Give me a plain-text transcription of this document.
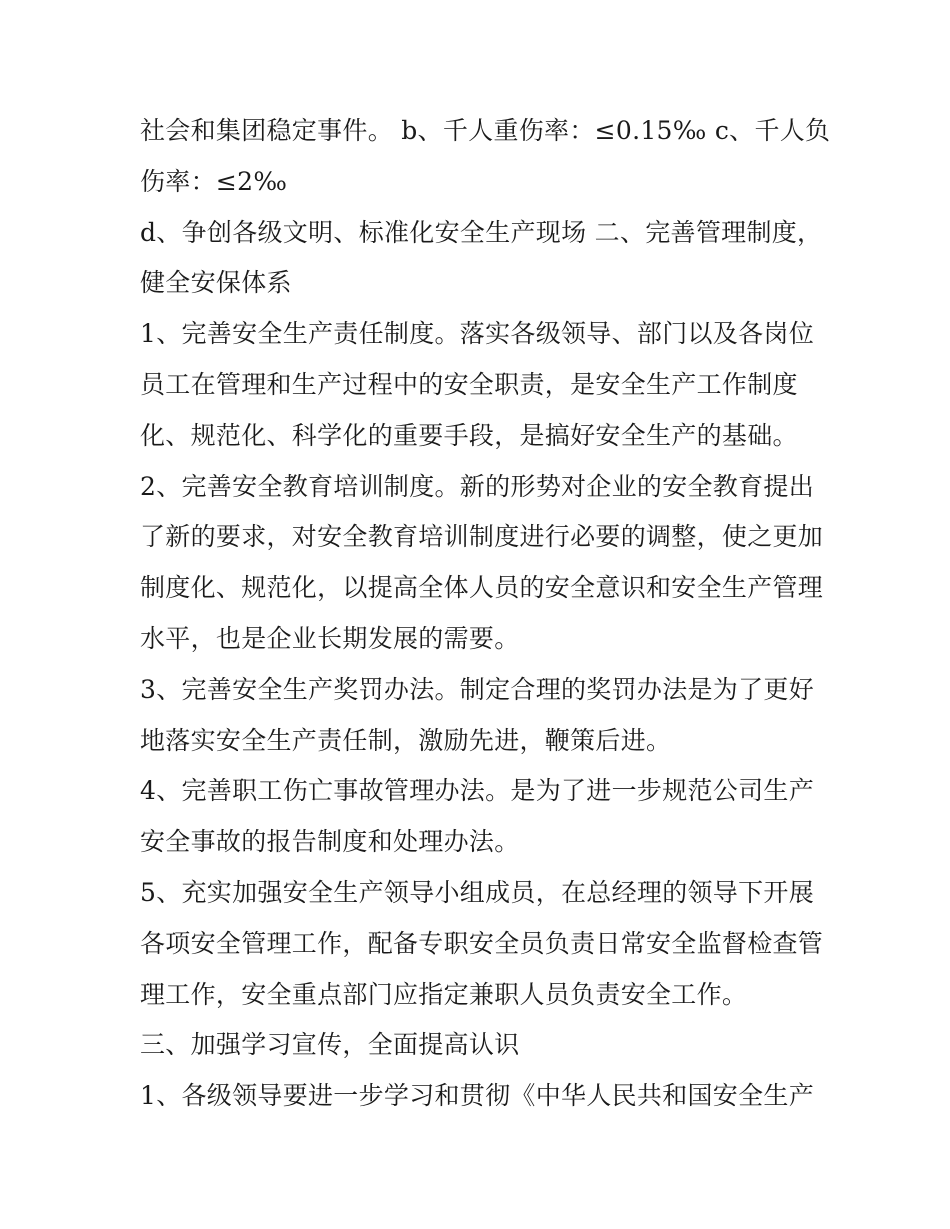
社会和集团稳定事件。 b、千人重伤率：≤0.15‰ c、千人负
伤率：≤2‰
d、争创各级文明、标准化安全生产现场 二、完善管理制度，
健全安保体系
1、完善安全生产责任制度。落实各级领导、部门以及各岗位
员工在管理和生产过程中的安全职责，是安全生产工作制度
化、规范化、科学化的重要手段，是搞好安全生产的基础。
2、完善安全教育培训制度。新的形势对企业的安全教育提出
了新的要求，对安全教育培训制度进行必要的调整，使之更加
制度化、规范化，以提高全体人员的安全意识和安全生产管理
水平，也是企业长期发展的需要。
3、完善安全生产奖罚办法。制定合理的奖罚办法是为了更好
地落实安全生产责任制，激励先进，鞭策后进。
4、完善职工伤亡事故管理办法。是为了进一步规范公司生产
安全事故的报告制度和处理办法。
5、充实加强安全生产领导小组成员，在总经理的领导下开展
各项安全管理工作，配备专职安全员负责日常安全监督检查管
理工作，安全重点部门应指定兼职人员负责安全工作。
三、加强学习宣传，全面提高认识
1、各级领导要进一步学习和贯彻《中华人民共和国安全生产
